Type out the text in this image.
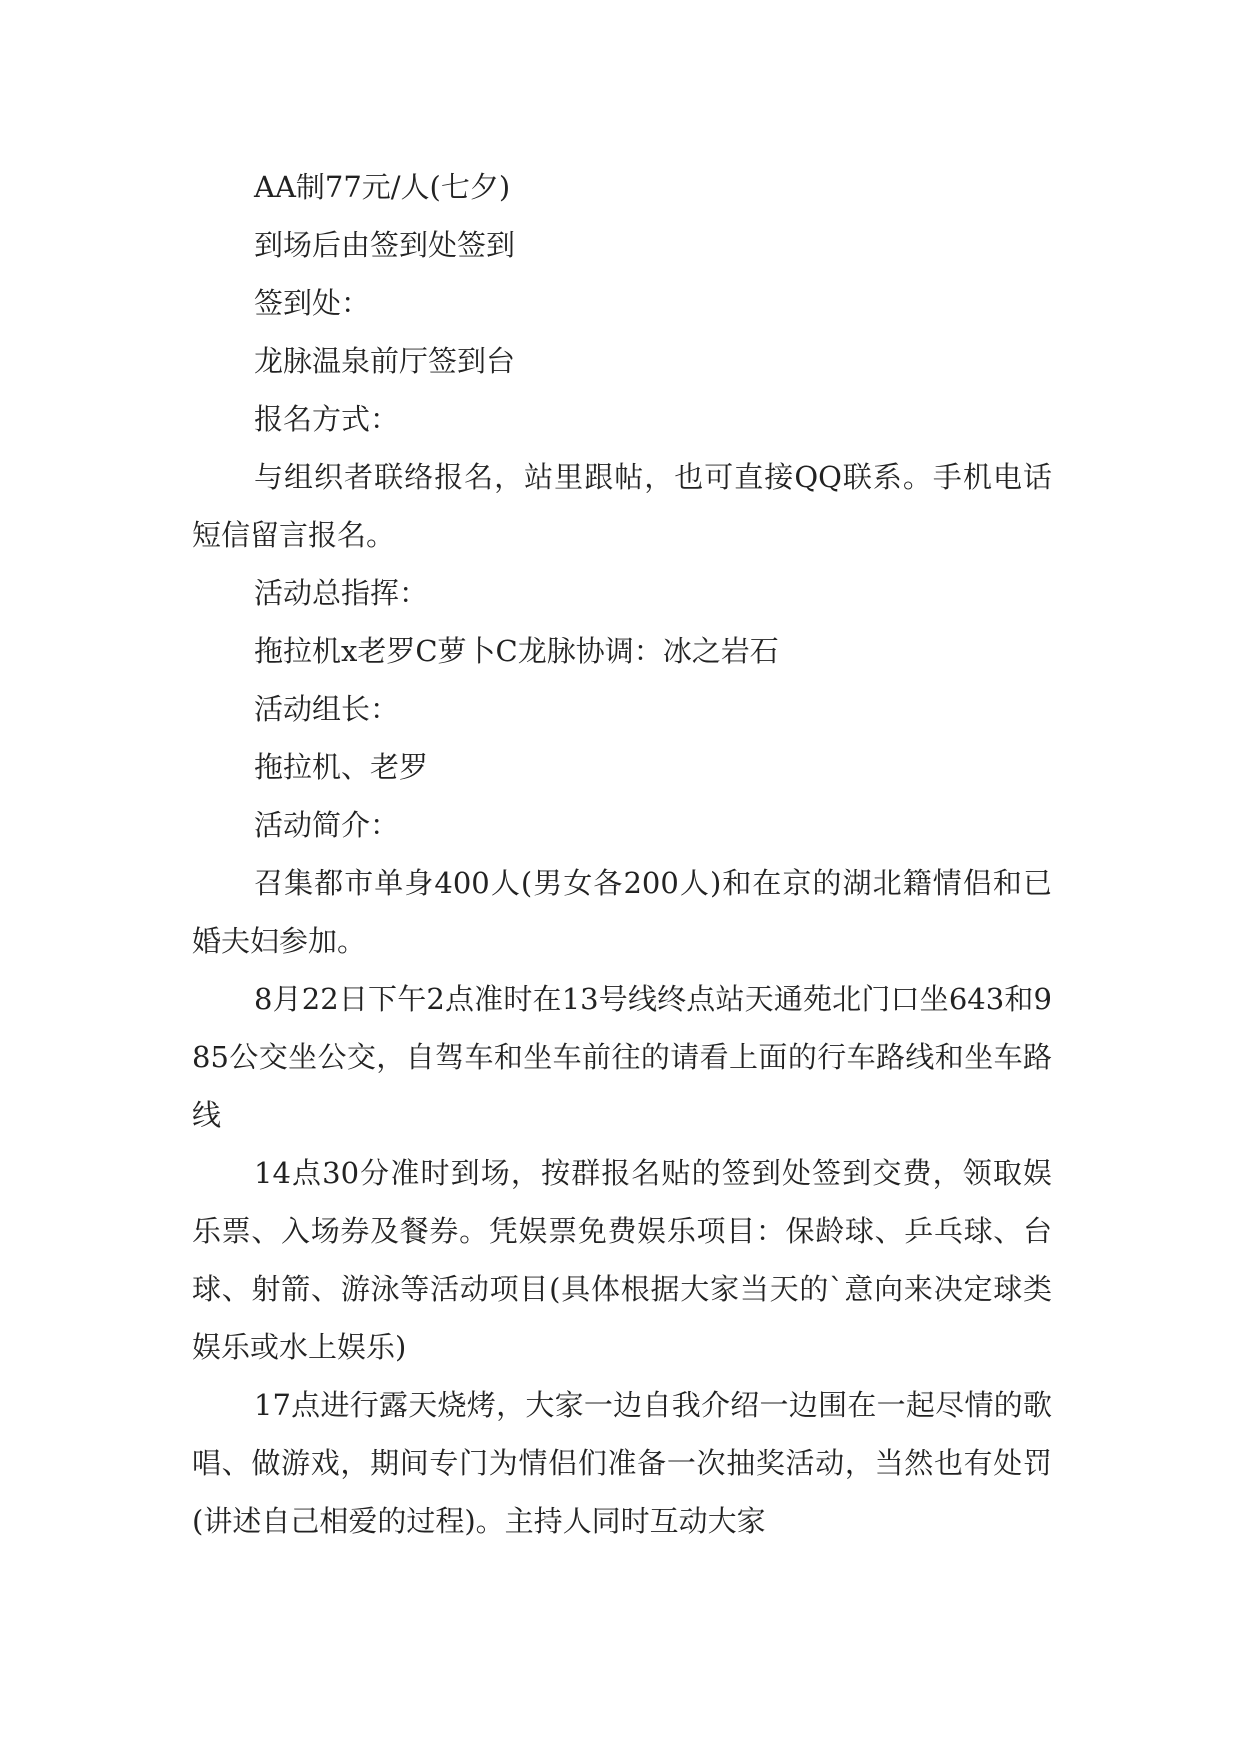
AA制77元/人(七夕)

到场后由签到处签到

签到处：

龙脉温泉前厅签到台

报名方式：

与组织者联络报名，站里跟帖，也可直接QQ联系。手机电话短信留言报名。

活动总指挥：

拖拉机x老罗C萝卜C龙脉协调：冰之岩石

活动组长：

拖拉机、老罗

活动简介：

召集都市单身400人(男女各200人)和在京的湖北籍情侣和已婚夫妇参加。

8月22日下午2点准时在13号线终点站天通苑北门口坐643和985公交坐公交，自驾车和坐车前往的请看上面的行车路线和坐车路线

14点30分准时到场，按群报名贴的签到处签到交费，领取娱乐票、入场券及餐券。凭娱票免费娱乐项目：保龄球、乒乓球、台球、射箭、游泳等活动项目(具体根据大家当天的`意向来决定球类娱乐或水上娱乐)

17点进行露天烧烤，大家一边自我介绍一边围在一起尽情的歌唱、做游戏，期间专门为情侣们准备一次抽奖活动，当然也有处罚(讲述自己相爱的过程)。主持人同时互动大家
